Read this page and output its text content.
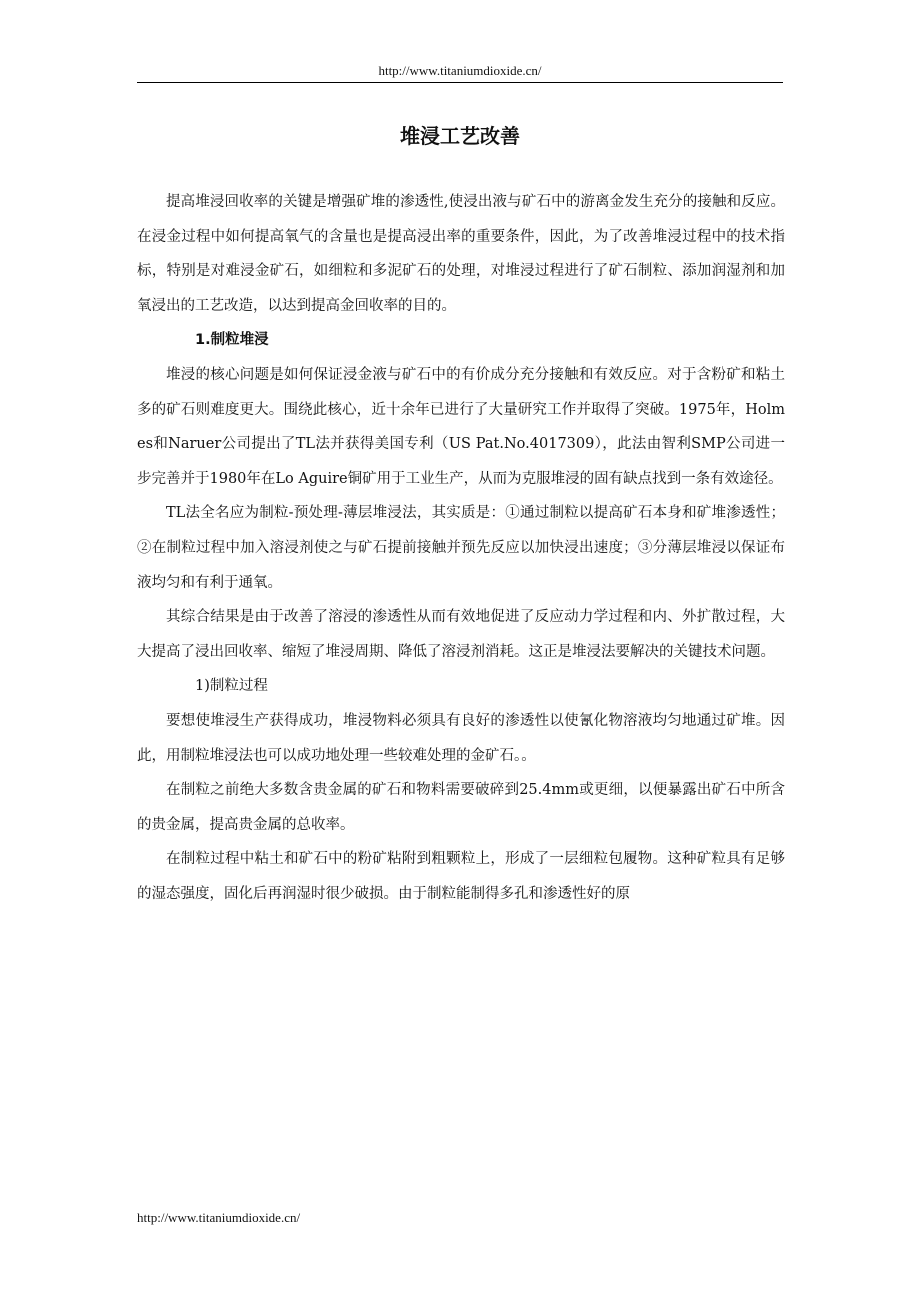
http://www.titaniumdioxide.cn/
堆浸工艺改善

提高堆浸回收率的关键是增强矿堆的渗透性,使浸出液与矿石中的游离金发生充分的接触和反应。在浸金过程中如何提高氧气的含量也是提高浸出率的重要条件，因此，为了改善堆浸过程中的技术指标，特别是对难浸金矿石，如细粒和多泥矿石的处理，对堆浸过程进行了矿石制粒、添加润湿剂和加氧浸出的工艺改造，以达到提高金回收率的目的。

1.制粒堆浸

堆浸的核心问题是如何保证浸金液与矿石中的有价成分充分接触和有效反应。对于含粉矿和粘土多的矿石则难度更大。围绕此核心，近十余年已进行了大量研究工作并取得了突破。1975年，Holmes和Naruer公司提出了TL法并获得美国专利（US Pat.No.4017309），此法由智利SMP公司进一步完善并于1980年在Lo Aguire铜矿用于工业生产，从而为克服堆浸的固有缺点找到一条有效途径。

TL法全名应为制粒-预处理-薄层堆浸法，其实质是：①通过制粒以提高矿石本身和矿堆渗透性；②在制粒过程中加入溶浸剂使之与矿石提前接触并预先反应以加快浸出速度；③分薄层堆浸以保证布液均匀和有利于通氧。

其综合结果是由于改善了溶浸的渗透性从而有效地促进了反应动力学过程和内、外扩散过程，大大提高了浸出回收率、缩短了堆浸周期、降低了溶浸剂消耗。这正是堆浸法要解决的关键技术问题。

1)制粒过程

要想使堆浸生产获得成功，堆浸物料必须具有良好的渗透性以使氰化物溶液均匀地通过矿堆。因此，用制粒堆浸法也可以成功地处理一些较难处理的金矿石。。

在制粒之前绝大多数含贵金属的矿石和物料需要破碎到25.4mm或更细，以便暴露出矿石中所含的贵金属，提高贵金属的总收率。

在制粒过程中粘土和矿石中的粉矿粘附到粗颗粒上，形成了一层细粒包履物。这种矿粒具有足够的湿态强度，固化后再润湿时很少破损。由于制粒能制得多孔和渗透性好的原

http://www.titaniumdioxide.cn/
